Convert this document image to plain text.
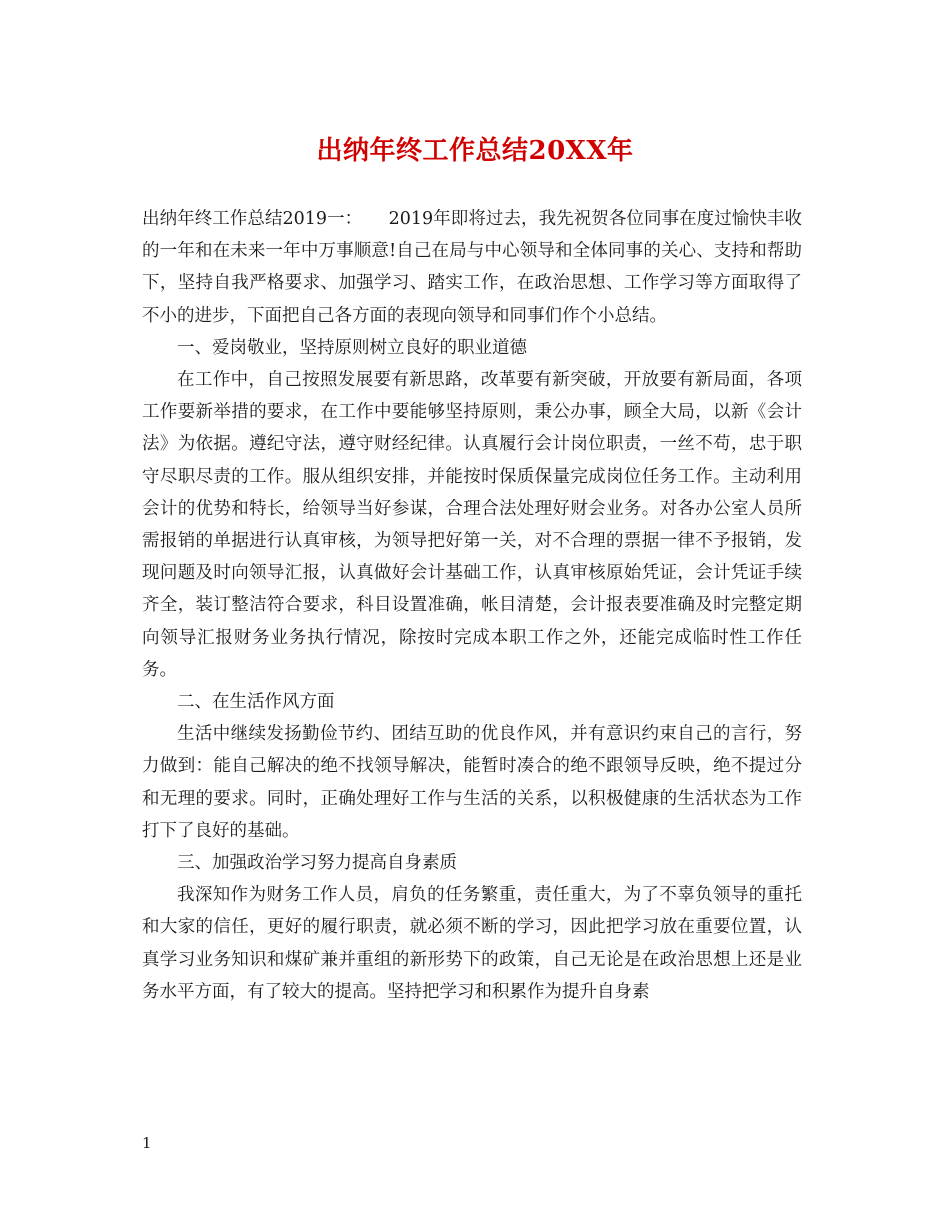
出纳年终工作总结20XX年

出纳年终工作总结2019一：　　2019年即将过去，我先祝贺各位同事在度过愉快丰收的一年和在未来一年中万事顺意!自己在局与中心领导和全体同事的关心、支持和帮助下，坚持自我严格要求、加强学习、踏实工作，在政治思想、工作学习等方面取得了不小的进步，下面把自己各方面的表现向领导和同事们作个小总结。

一、爱岗敬业，坚持原则树立良好的职业道德

在工作中，自己按照发展要有新思路，改革要有新突破，开放要有新局面，各项工作要新举措的要求，在工作中要能够坚持原则，秉公办事，顾全大局，以新《会计法》为依据。遵纪守法，遵守财经纪律。认真履行会计岗位职责，一丝不苟，忠于职守尽职尽责的工作。服从组织安排，并能按时保质保量完成岗位任务工作。主动利用会计的优势和特长，给领导当好参谋，合理合法处理好财会业务。对各办公室人员所需报销的单据进行认真审核，为领导把好第一关，对不合理的票据一律不予报销，发现问题及时向领导汇报，认真做好会计基础工作，认真审核原始凭证，会计凭证手续齐全，装订整洁符合要求，科目设置准确，帐目清楚，会计报表要准确及时完整定期向领导汇报财务业务执行情况，除按时完成本职工作之外，还能完成临时性工作任务。

二、在生活作风方面

生活中继续发扬勤俭节约、团结互助的优良作风，并有意识约束自己的言行，努力做到：能自己解决的绝不找领导解决，能暂时凑合的绝不跟领导反映，绝不提过分和无理的要求。同时，正确处理好工作与生活的关系，以积极健康的生活状态为工作打下了良好的基础。

三、加强政治学习努力提高自身素质

我深知作为财务工作人员，肩负的任务繁重，责任重大，为了不辜负领导的重托和大家的信任，更好的履行职责，就必须不断的学习，因此把学习放在重要位置，认真学习业务知识和煤矿兼并重组的新形势下的政策，自己无论是在政治思想上还是业务水平方面，有了较大的提高。坚持把学习和积累作为提升自身素

1
